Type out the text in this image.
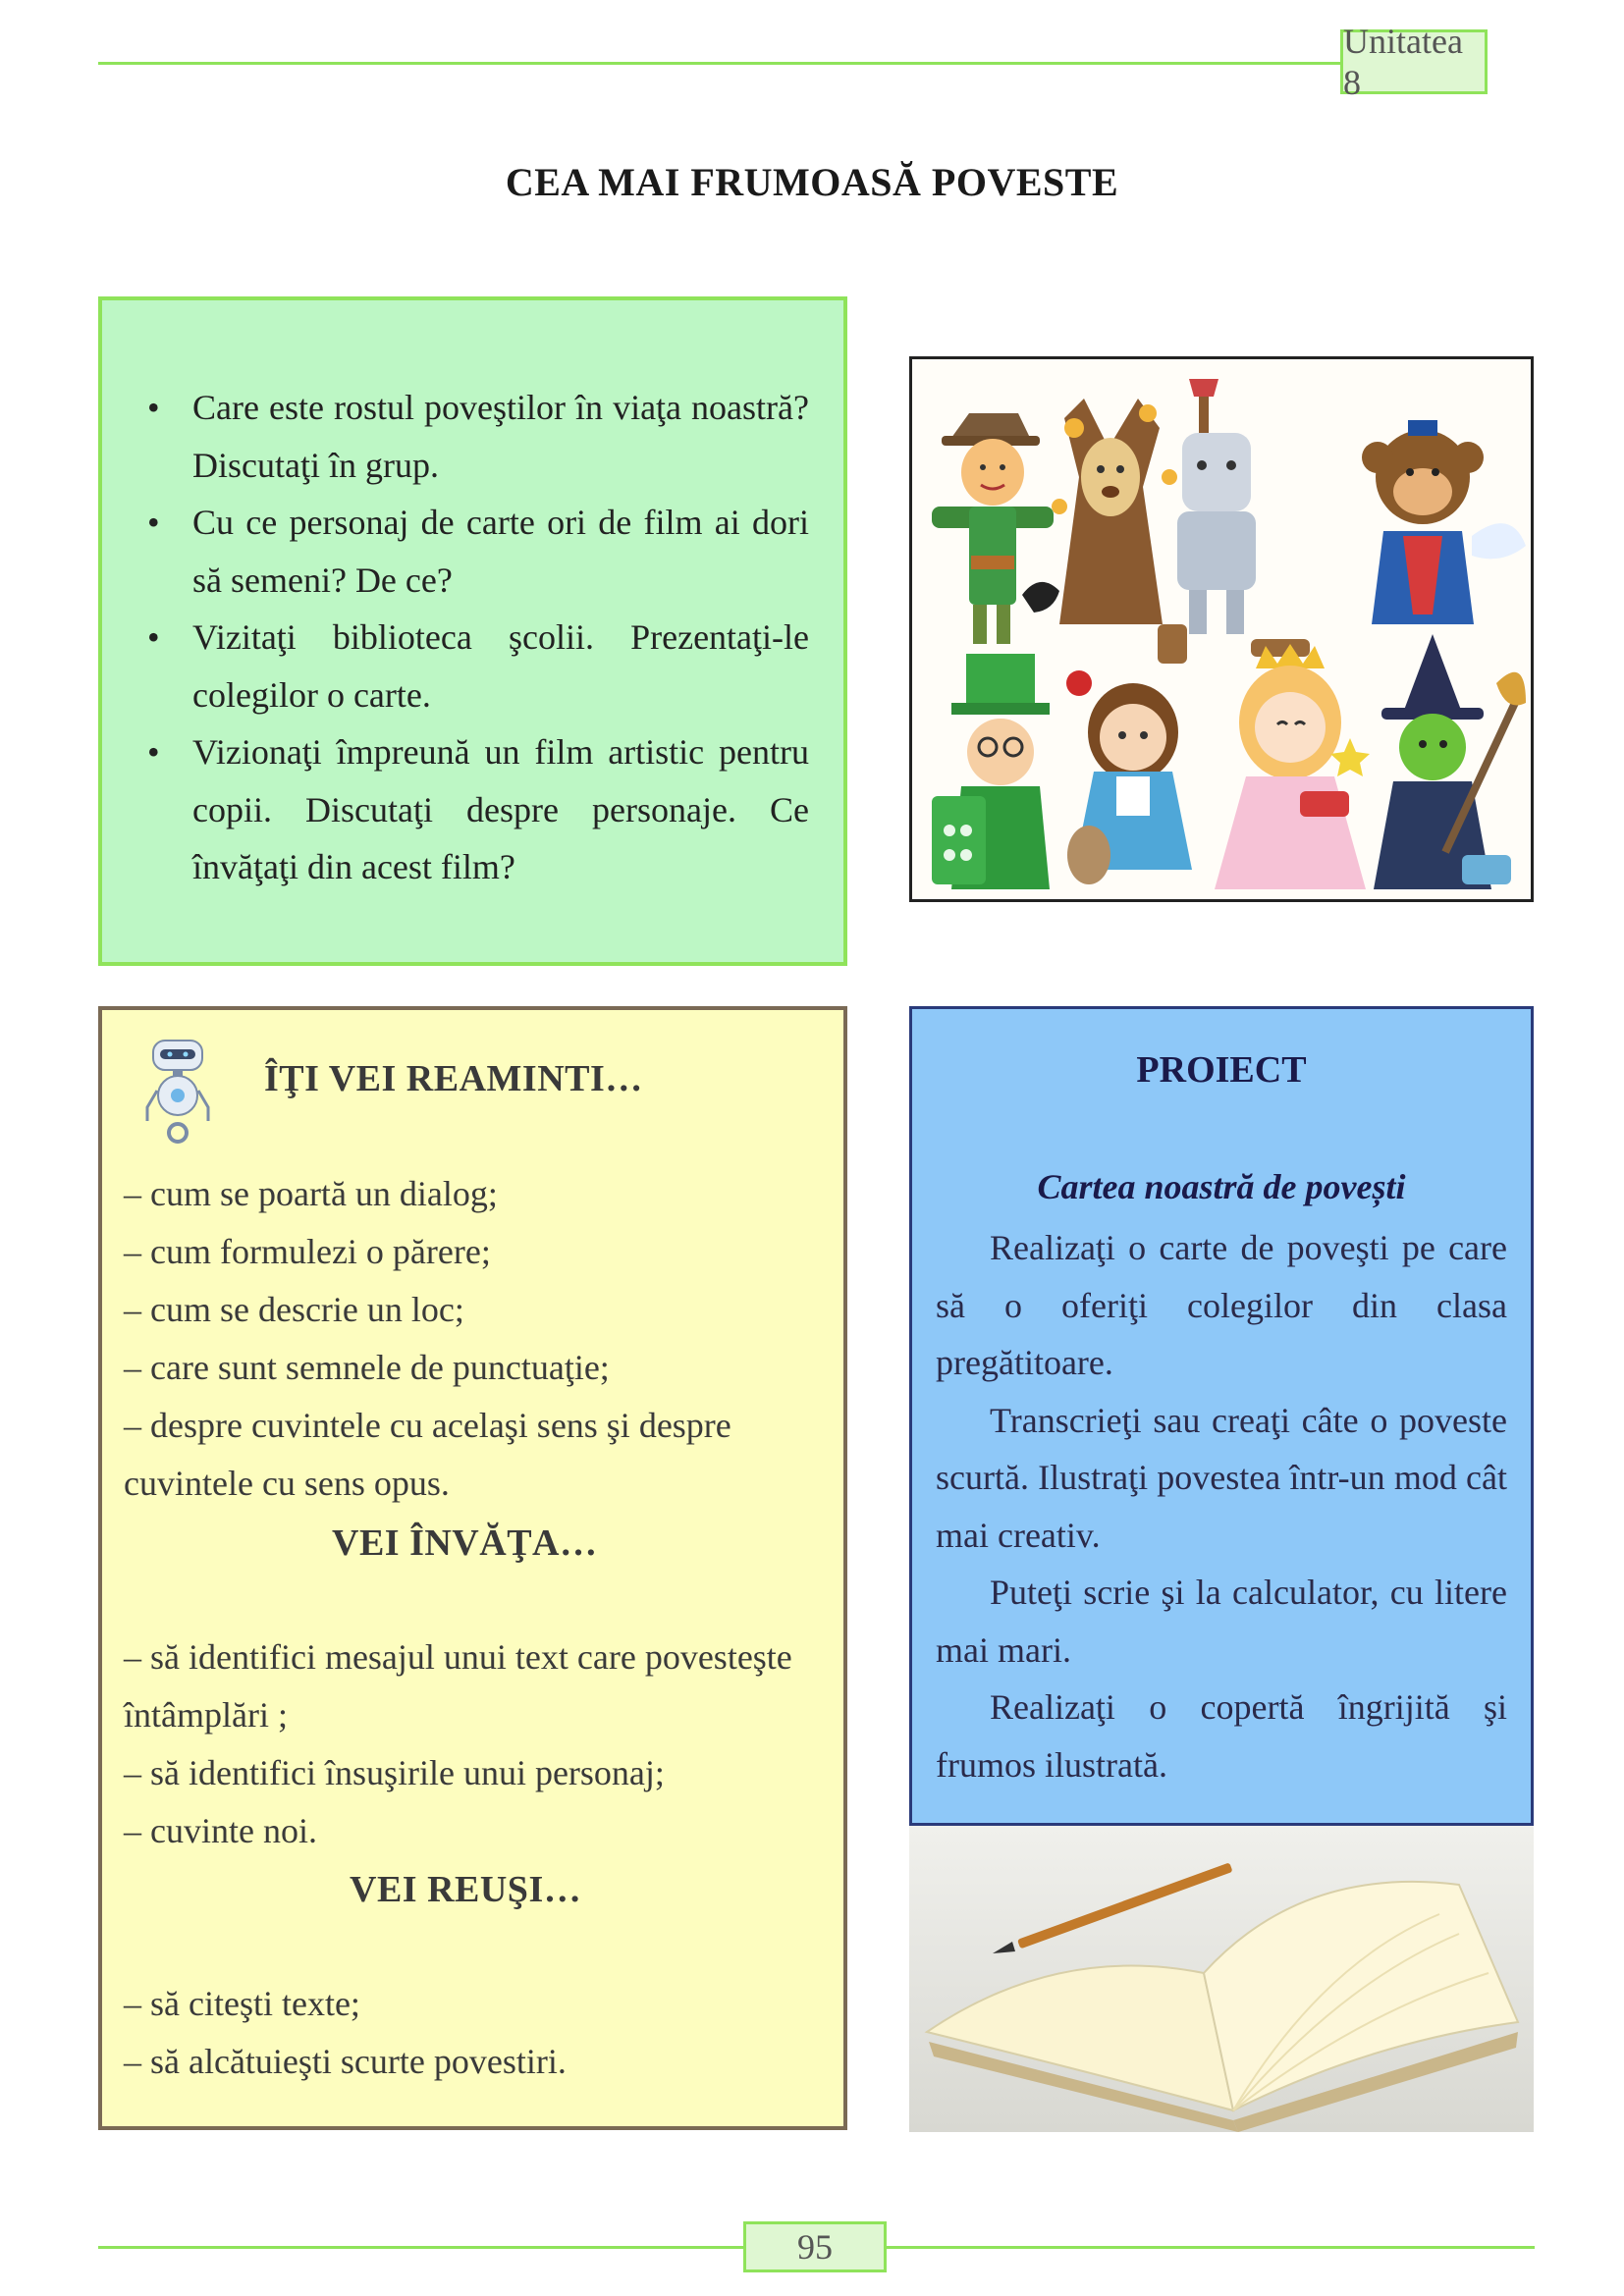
Unitatea 8
CEA MAI FRUMOASĂ POVESTE
• Care este rostul poveştilor în viaţa noastră? Discutaţi în grup.
• Cu ce personaj de carte ori de film ai dori să semeni? De ce?
• Vizitaţi biblioteca şcolii. Prezentaţi-le colegilor o carte.
• Vizionaţi împreună un film artistic pentru copii. Discutaţi despre personaje. Ce învăţaţi din acest film?
ÎŢI VEI REAMINTI…
– cum se poartă un dialog;
– cum formulezi o părere;
– cum se descrie un loc;
– care sunt semnele de punctuaţie;
– despre cuvintele cu acelaşi sens şi despre
cuvintele cu sens opus.
VEI ÎNVĂŢA…
– să identifici mesajul unui text care povesteşte
întâmplări ;
– să identifici însuşirile unui personaj;
– cuvinte noi.
VEI REUŞI…
– să citeşti texte;
– să alcătuieşti scurte povestiri.
PROIECT
Cartea noastră de povești

Realizaţi o carte de poveşti pe care să o oferiţi colegilor din clasa pregătitoare.

Transcrieţi sau creaţi câte o poveste scurtă. Ilustraţi povestea într-un mod cât mai creativ.

Puteţi scrie şi la calculator, cu litere mai mari.

Realizaţi o copertă îngrijită şi frumos ilustrată.

95
